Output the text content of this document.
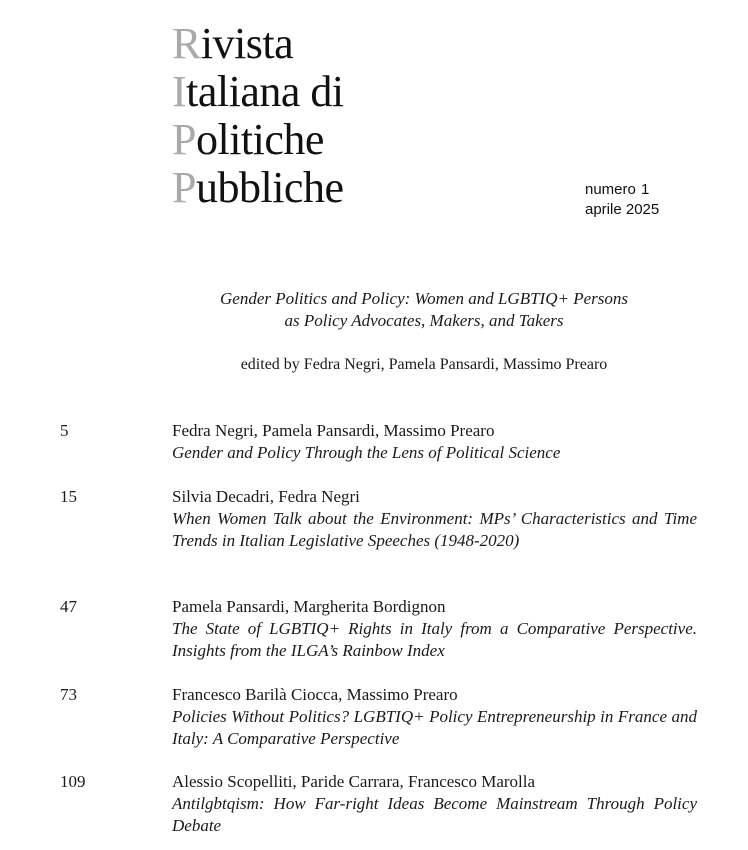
Rivista
Italiana di
Politiche
Pubbliche	numero 1
aprile 2025
Gender Politics and Policy: Women and LGBTIQ+ Persons
as Policy Advocates, Makers, and Takers
edited by Fedra Negri, Pamela Pansardi, Massimo Prearo
5	Fedra Negri, Pamela Pansardi, Massimo Prearo
Gender and Policy Through the Lens of Political Science
15	Silvia Decadri, Fedra Negri
When Women Talk about the Environment: MPs’ Characteristics and Time Trends in Italian Legislative Speeches (1948-2020)
47	Pamela Pansardi, Margherita Bordignon
The State of LGBTIQ+ Rights in Italy from a Comparative Perspective. Insights from the ILGA’s Rainbow Index
73	Francesco Barilà Ciocca, Massimo Prearo
Policies Without Politics? LGBTIQ+ Policy Entrepreneurship in France and Italy: A Comparative Perspective
109	Alessio Scopelliti, Paride Carrara, Francesco Marolla
Antilgbtqism: How Far-right Ideas Become Mainstream Through Policy Debate
